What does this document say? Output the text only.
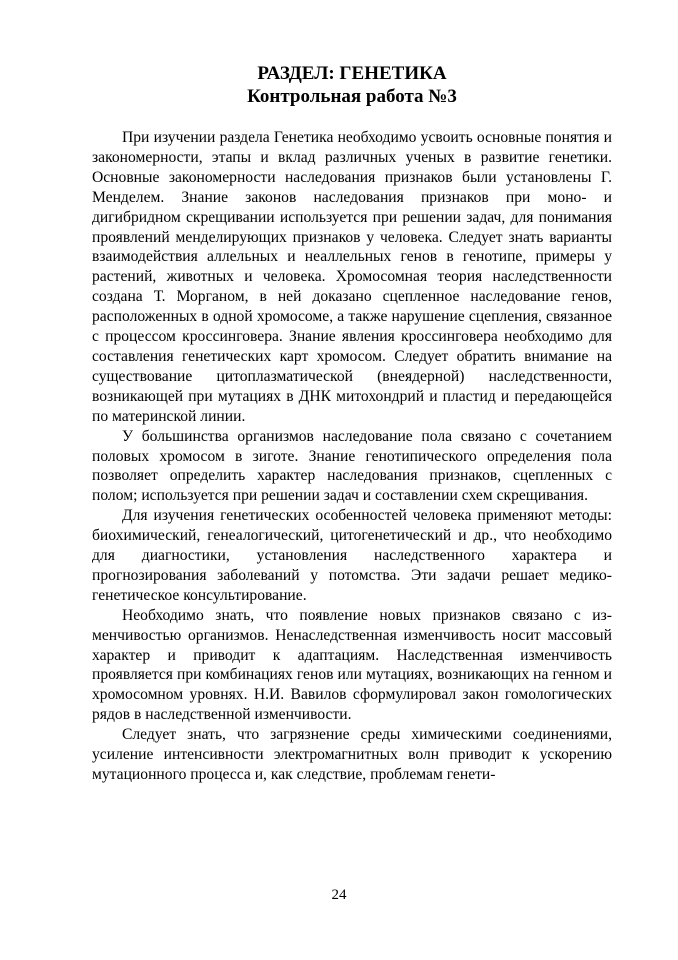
РАЗДЕЛ: ГЕНЕТИКА
Контрольная работа №3

При изучении раздела Генетика необходимо усвоить основные понятия и закономерности, этапы и вклад различных ученых в развитие генетики. Основные закономерности наследования признаков были установлены Г. Менделем. Знание законов наследования признаков при моно- и дигибридном скрещивании используется при решении задач, для понимания проявлений менделирующих признаков у человека. Следует знать варианты взаимодействия аллельных и неаллельных генов в генотипе, примеры у растений, животных и человека. Хромосомная теория наследственности создана Т. Морганом, в ней доказано сцепленное наследование генов, расположенных в одной хромосоме, а также нарушение сцепления, связанное с процессом кроссинговера. Знание явления кроссинговера необходимо для составления генетических карт хромосом. Следует обратить внимание на существование цитоплазматической (внеядерной) наследственности, возникающей при мутациях в ДНК митохондрий и пластид и передающейся по материнской линии.

У большинства организмов наследование пола связано с сочетанием половых хромосом в зиготе. Знание генотипического определения пола позволяет определить характер наследования признаков, сцепленных с полом; используется при решении задач и составлении схем скрещивания.

Для изучения генетических особенностей человека применяют методы: биохимический, генеалогический, цитогенетический и др., что необходимо для диагностики, установления наследственного характера и прогнозирования заболеваний у потомства. Эти задачи решает медико-генетическое консультирование.

Необходимо знать, что появление новых признаков связано с изменчивостью организмов. Ненаследственная изменчивость носит массовый характер и приводит к адаптациям. Наследственная изменчивость проявляется при комбинациях генов или мутациях, возникающих на генном и хромосомном уровнях. Н.И. Вавилов сформулировал закон гомологических рядов в наследственной изменчивости.

Следует знать, что загрязнение среды химическими соединениями, усиление интенсивности электромагнитных волн приводит к ускорению мутационного процесса и, как следствие, проблемам генети-

24
